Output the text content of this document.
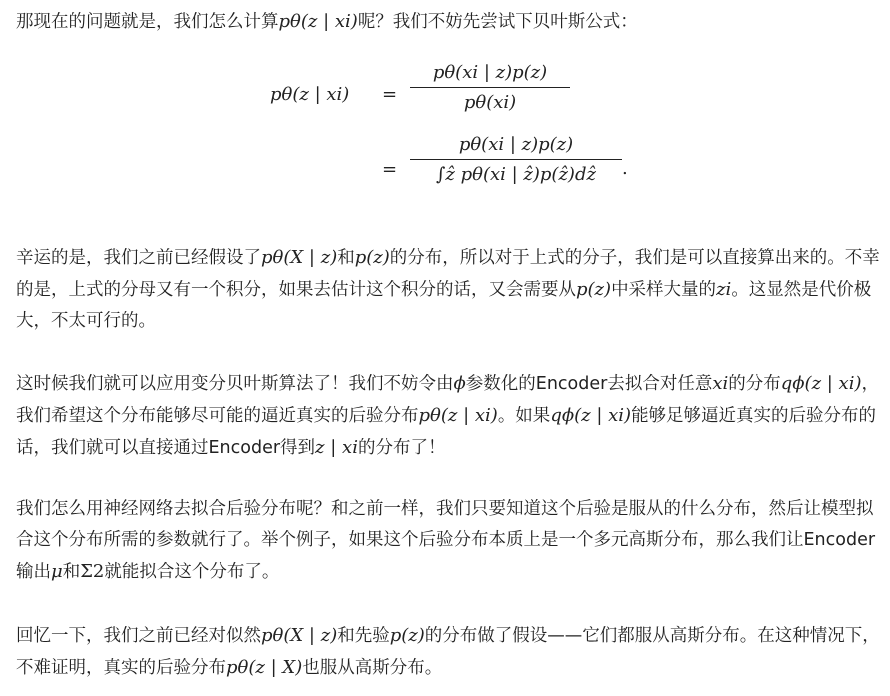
那现在的问题就是，我们怎么计算pθ(z | xi)呢？我们不妨先尝试下贝叶斯公式：

pθ(z | xi) =
pθ(xi | z)p(z)
pθ(xi)
=
pθ(xi | z)p(z)
∫ẑ pθ(xi | ẑ)p(ẑ)dẑ	.

辛运的是，我们之前已经假设了pθ(X | z)和p(z)的分布，所以对于上式的分子，我们是可以直接算出来的。不幸的是，上式的分母又有一个积分，如果去估计这个积分的话，又会需要从p(z)中采样大量的zi。这显然是代价极大，不太可行的。

这时候我们就可以应用变分贝叶斯算法了！我们不妨令由ϕ参数化的Encoder去拟合对任意xi的分布qϕ(z | xi)，我们希望这个分布能够尽可能的逼近真实的后验分布pθ(z | xi)。如果qϕ(z | xi)能够足够逼近真实的后验分布的话，我们就可以直接通过Encoder得到z | xi的分布了！

我们怎么用神经网络去拟合后验分布呢？和之前一样，我们只要知道这个后验是服从的什么分布，然后让模型拟合这个分布所需的参数就行了。举个例子，如果这个后验分布本质上是一个多元高斯分布，那么我们让Encoder输出μ和Σ2就能拟合这个分布了。

回忆一下，我们之前已经对似然pθ(X | z)和先验p(z)的分布做了假设——它们都服从高斯分布。在这种情况下，不难证明，真实的后验分布pθ(z | X)也服从高斯分布。
